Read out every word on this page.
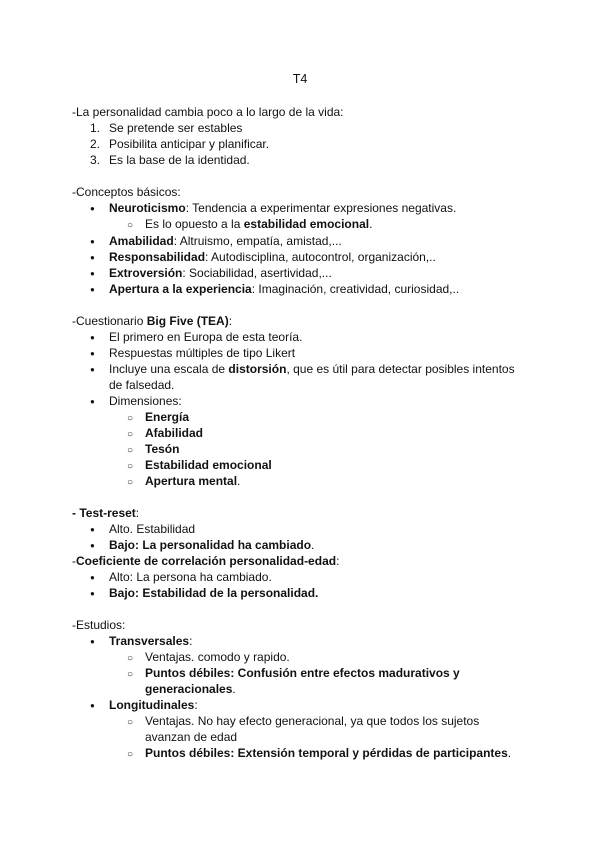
T4
-La personalidad cambia poco a lo largo de la vida:
1. Se pretende ser estables
2. Posibilita anticipar y planificar.
3. Es la base de la identidad.
-Conceptos básicos:
●
Neuroticismo: Tendencia a experimentar expresiones negativas.
○
Es lo opuesto a la estabilidad emocional.
●
Amabilidad: Altruismo, empatía, amistad,...
●
Responsabilidad: Autodisciplina, autocontrol, organización,..
●
Extroversión: Sociabilidad, asertividad,...
●
Apertura a la experiencia: Imaginación, creatividad, curiosidad,..
-Cuestionario Big Five (TEA):
●
El primero en Europa de esta teoría.
●
Respuestas múltiples de tipo Likert
●
Incluye una escala de distorsión, que es útil para detectar posibles intentos
de falsedad.
●
Dimensiones:
○
Energía
○
Afabilidad
○
Tesón
○
Estabilidad emocional
○
Apertura mental.
- Test-reset:
●
Alto. Estabilidad
●
Bajo: La personalidad ha cambiado.
-Coeficiente de correlación personalidad-edad:
●
Alto: La persona ha cambiado.
●
Bajo: Estabilidad de la personalidad.
-Estudios:
●
Transversales:
○
Ventajas. comodo y rapido.
○
Puntos débiles: Confusión entre efectos madurativos y
generacionales.
●
Longitudinales:
○
Ventajas. No hay efecto generacional, ya que todos los sujetos
avanzan de edad
○
Puntos débiles: Extensión temporal y pérdidas de participantes.
